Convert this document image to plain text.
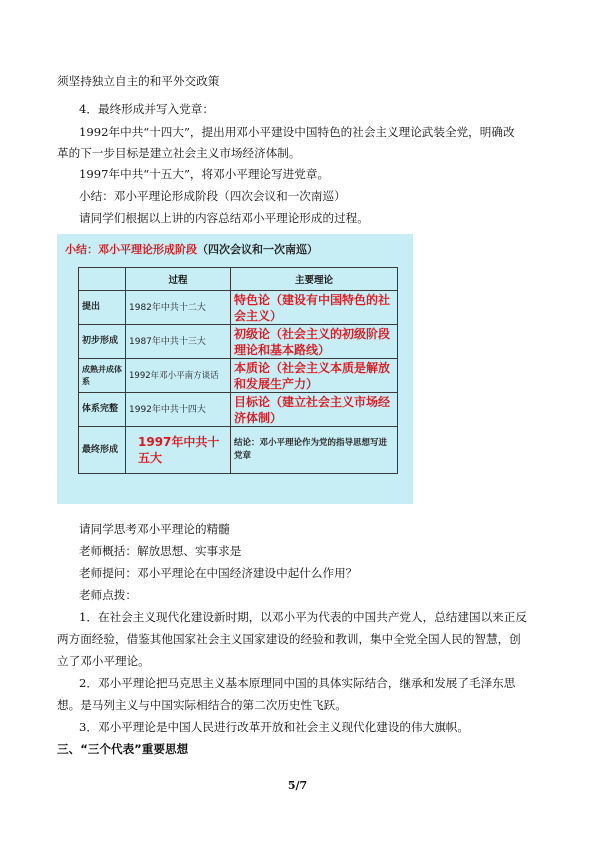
须坚持独立自主的和平外交政策
4．最终形成并写入党章：
1992年中共“十四大”，提出用邓小平建设中国特色的社会主义理论武装全党，明确改
革的下一步目标是建立社会主义市场经济体制。
1997年中共“十五大”，将邓小平理论写进党章。
小结：邓小平理论形成阶段（四次会议和一次南巡）
请同学们根据以上讲的内容总结邓小平理论形成的过程。
小结：邓小平理论形成阶段（四次会议和一次南巡）
	过程	主要理论
提出	1982年中共十二大	特色论（建设有中国特色的社会主义）
初步形成	1987年中共十三大	初级论（社会主义的初级阶段理论和基本路线）
成熟并成体系	1992年邓小平南方谈话	本质论（社会主义本质是解放和发展生产力）
体系完整	1992年中共十四大	目标论（建立社会主义市场经济体制）
最终形成	1997年中共十五大	结论：邓小平理论作为党的指导思想写进党章
请同学思考邓小平理论的精髓
老师概括：解放思想、实事求是
老师提问：邓小平理论在中国经济建设中起什么作用？
老师点拨：
1．在社会主义现代化建设新时期，以邓小平为代表的中国共产党人，总结建国以来正反
两方面经验，借鉴其他国家社会主义国家建设的经验和教训，集中全党全国人民的智慧，创
立了邓小平理论。
2．邓小平理论把马克思主义基本原理同中国的具体实际结合，继承和发展了毛泽东思
想。是马列主义与中国实际相结合的第二次历史性飞跃。
3．邓小平理论是中国人民进行改革开放和社会主义现代化建设的伟大旗帜。
三、“三个代表”重要思想
5/7
